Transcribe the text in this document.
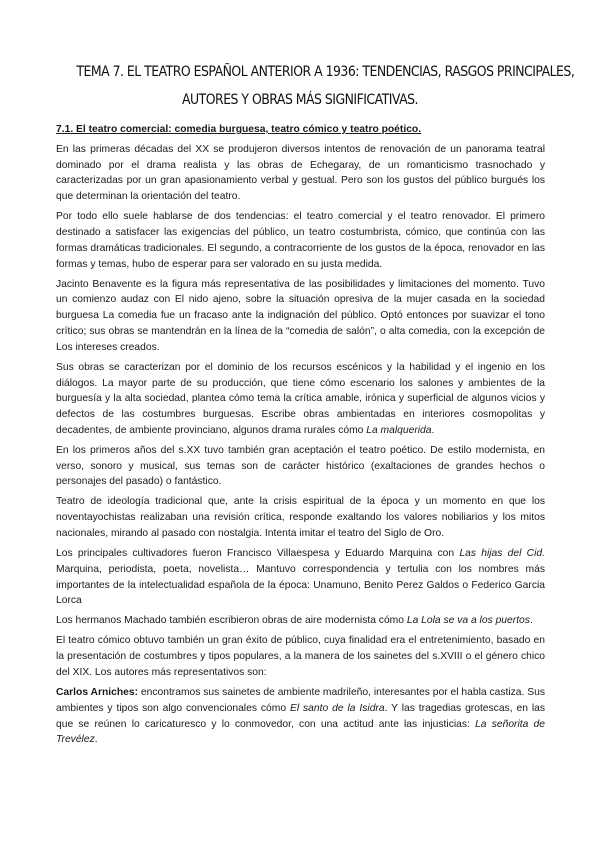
TEMA 7. EL TEATRO ESPAÑOL ANTERIOR A 1936: TENDENCIAS, RASGOS PRINCIPALES,
AUTORES Y OBRAS MÁS SIGNIFICATIVAS.
7.1. El teatro comercial: comedia burguesa, teatro cómico y teatro poético.

En las primeras décadas del XX se produjeron diversos intentos de renovación de un panorama teatral dominado por el drama realista y las obras de Echegaray, de un romanticismo trasnochado y caracterizadas por un gran apasionamiento verbal y gestual. Pero son los gustos del público burgués los que determinan la orientación del teatro.

Por todo ello suele hablarse de dos tendencias: el teatro comercial y el teatro renovador. El primero destinado a satisfacer las exigencias del público, un teatro costumbrista, cómico, que continúa con las formas dramáticas tradicionales. El segundo, a contracorriente de los gustos de la época, renovador en las formas y temas, hubo de esperar para ser valorado en su justa medida.

Jacinto Benavente es la figura más representativa de las posibilidades y limitaciones del momento. Tuvo un comienzo audaz con El nido ajeno, sobre la situación opresiva de la mujer casada en la sociedad burguesa La comedia fue un fracaso ante la indignación del público. Optó entonces por suavizar el tono crítico; sus obras se mantendrán en la línea de la “comedia de salón”, o alta comedia, con la excepción de Los intereses creados.

Sus obras se caracterizan por el dominio de los recursos escénicos y la habilidad y el ingenio en los diálogos. La mayor parte de su producción, que tiene cómo escenario los salones y ambientes de la burguesía y la alta sociedad, plantea cómo tema la crítica amable, irónica y superficial de algunos vicios y defectos de las costumbres burguesas. Escribe obras ambientadas en interiores cosmopolitas y decadentes, de ambiente provinciano, algunos drama rurales cómo La malquerida.

En los primeros años del s.XX tuvo también gran aceptación el teatro poético. De estilo modernista, en verso, sonoro y musical, sus temas son de carácter histórico (exaltaciones de grandes hechos o personajes del pasado) o fantástico.

Teatro de ideología tradicional que, ante la crisis espiritual de la época y un momento en que los noventayochistas realizaban una revisión crítica, responde exaltando los valores nobiliarios y los mitos nacionales, mirando al pasado con nostalgia. Intenta imitar el teatro del Siglo de Oro.

Los principales cultivadores fueron Francisco Villaespesa y Eduardo Marquina con Las hijas del Cid. Marquina, periodista, poeta, novelista… Mantuvo correspondencia y tertulia con los nombres más importantes de la intelectualidad española de la época: Unamuno, Benito Perez Galdos o Federico Garcia Lorca

Los hermanos Machado también escribieron obras de aire modernista cómo La Lola se va a los puertos.

El teatro cómico obtuvo también un gran éxito de público, cuya finalidad era el entretenimiento, basado en la presentación de costumbres y tipos populares, a la manera de los sainetes del s.XVIII o el género chico del XIX. Los autores más representativos son:

Carlos Arniches: encontramos sus sainetes de ambiente madrileño, interesantes por el habla castiza. Sus ambientes y tipos son algo convencionales cómo El santo de la Isidra. Y las tragedias grotescas, en las que se reúnen lo caricaturesco y lo conmovedor, con una actitud ante las injusticias: La señorita de Trevélez.
